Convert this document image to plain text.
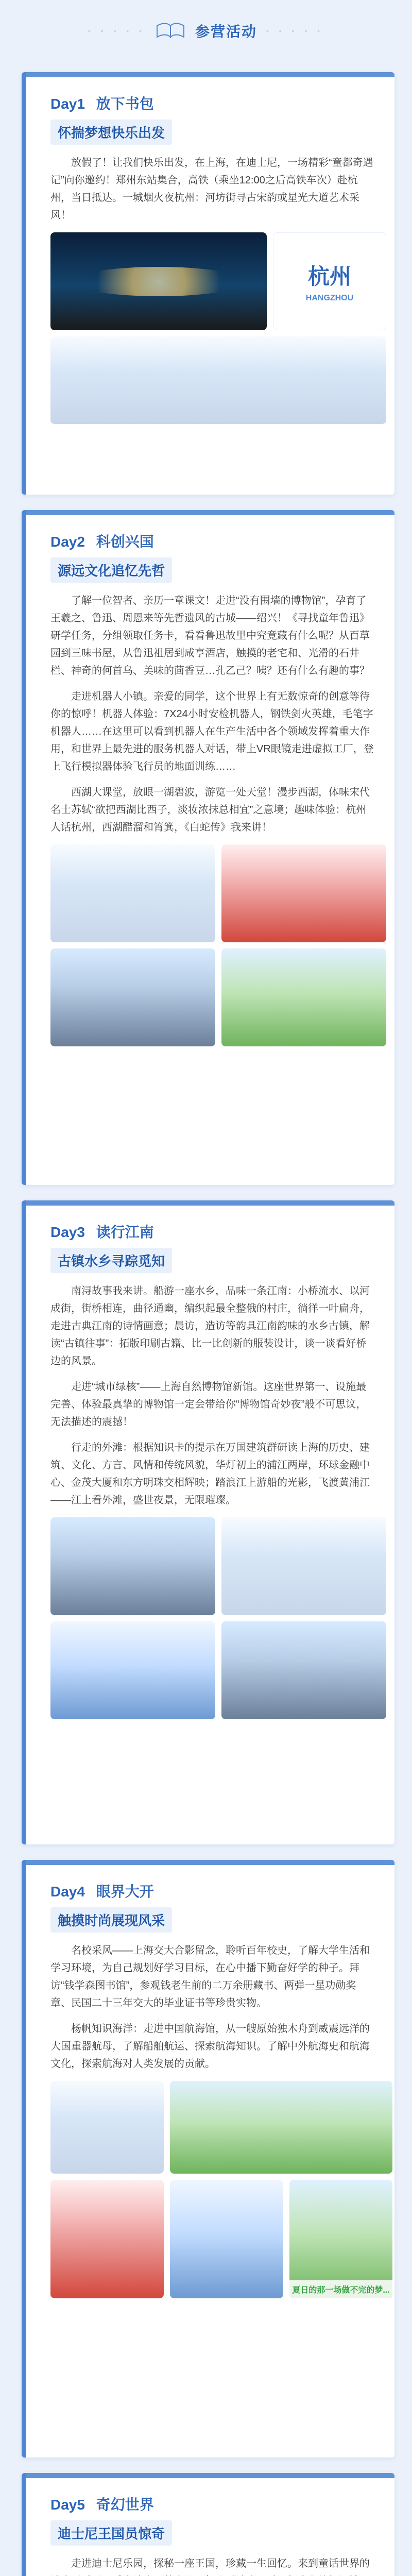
• • • • •	参营活动 • • • • •
Day1 放下书包
怀揣梦想快乐出发

放假了！让我们快乐出发，在上海，在迪士尼，一场精彩“童都奇遇记”向你邀约！郑州东站集合，高铁（乘坐12:00之后高铁车次）赴杭州，当日抵达。一城烟火夜杭州：河坊街寻古宋韵或星光大道艺术采风！

杭州
HANGZHOU
Day2 科创兴国
源远文化追忆先哲

了解一位智者、亲历一章课文！走进“没有围墙的博物馆”，孕育了王羲之、鲁迅、周恩来等先哲遗风的古城——绍兴！《寻找童年鲁迅》研学任务，分组领取任务卡，看看鲁迅故里中究竟藏有什么呢？从百草园到三味书屋，从鲁迅祖居到咸亨酒店，触摸的老宅和、光滑的石井栏、神奇的何首乌、美味的茴香豆…孔乙己？咦？还有什么有趣的事？

走进机器人小镇。亲爱的同学，这个世界上有无数惊奇的创意等待你的惊呼！机器人体验：7X24小时安检机器人，钢铁剑火英雄，毛笔字机器人……在这里可以看到机器人在生产生活中各个领域发挥着重大作用，和世界上最先进的服务机器人对话，带上VR眼镜走进虚拟工厂，登上飞行模拟器体验飞行员的地面训练……

西湖大课堂，放眼一湖碧波，游览一处天堂！漫步西湖，体味宋代名士苏轼“欲把西湖比西子，淡妆浓抹总相宜”之意境；趣味体验：杭州人话杭州，西湖醋溜和筲箕，《白蛇传》我来讲！

Day3 读行江南
古镇水乡寻踪觅知

南浔故事我来讲。船游一座水乡，品味一条江南：小桥流水、以河成街，街桥相连，曲径通幽，编织起最全整俄的村庄，徜徉一叶扁舟，走进古典江南的诗情画意；晨访，造访等韵具江南韵味的水乡古镇，解读“古镇往事”：拓版印刷古籍、比一比创新的服装设计，谈一谈看好桥边的风景。

走进“城市绿核”——上海自然博物馆新馆。这座世界第一、设施最完善、体验最真挚的博物馆一定会带给你“博物馆奇妙夜”般不可思议，无法描述的震撼！

行走的外滩：根据知识卡的提示在万国建筑群研读上海的历史、建筑、文化、方言、风情和传统风貌，华灯初上的浦江两岸，环球金融中心、金茂大厦和东方明珠交相辉映；踏浪江上游船的光影，飞渡黄浦江——江上看外滩，盛世夜景，无限璀璨。

Day4 眼界大开
触摸时尚展现风采

名校采风——上海交大合影留念，聆听百年校史，了解大学生活和学习环境，为自己规划好学习目标，在心中播下勤奋好学的种子。拜访“钱学森图书馆”，参观钱老生前的二万余册藏书、两弹一星功勋奖章、民国二十三年交大的毕业证书等珍贵实物。

杨帆知识海洋：走进中国航海馆，从一艘原始独木舟到威震远洋的大国重器航母，了解船舶航运、探索航海知识。了解中外航海史和航海文化，探索航海对人类发展的贡献。

夏日的那一场做不完的梦...
Day5 奇幻世界
迪士尼王国员惊奇

走进迪士尼乐园，探秘一座王国，珍藏一生回忆。来到童话世界的
